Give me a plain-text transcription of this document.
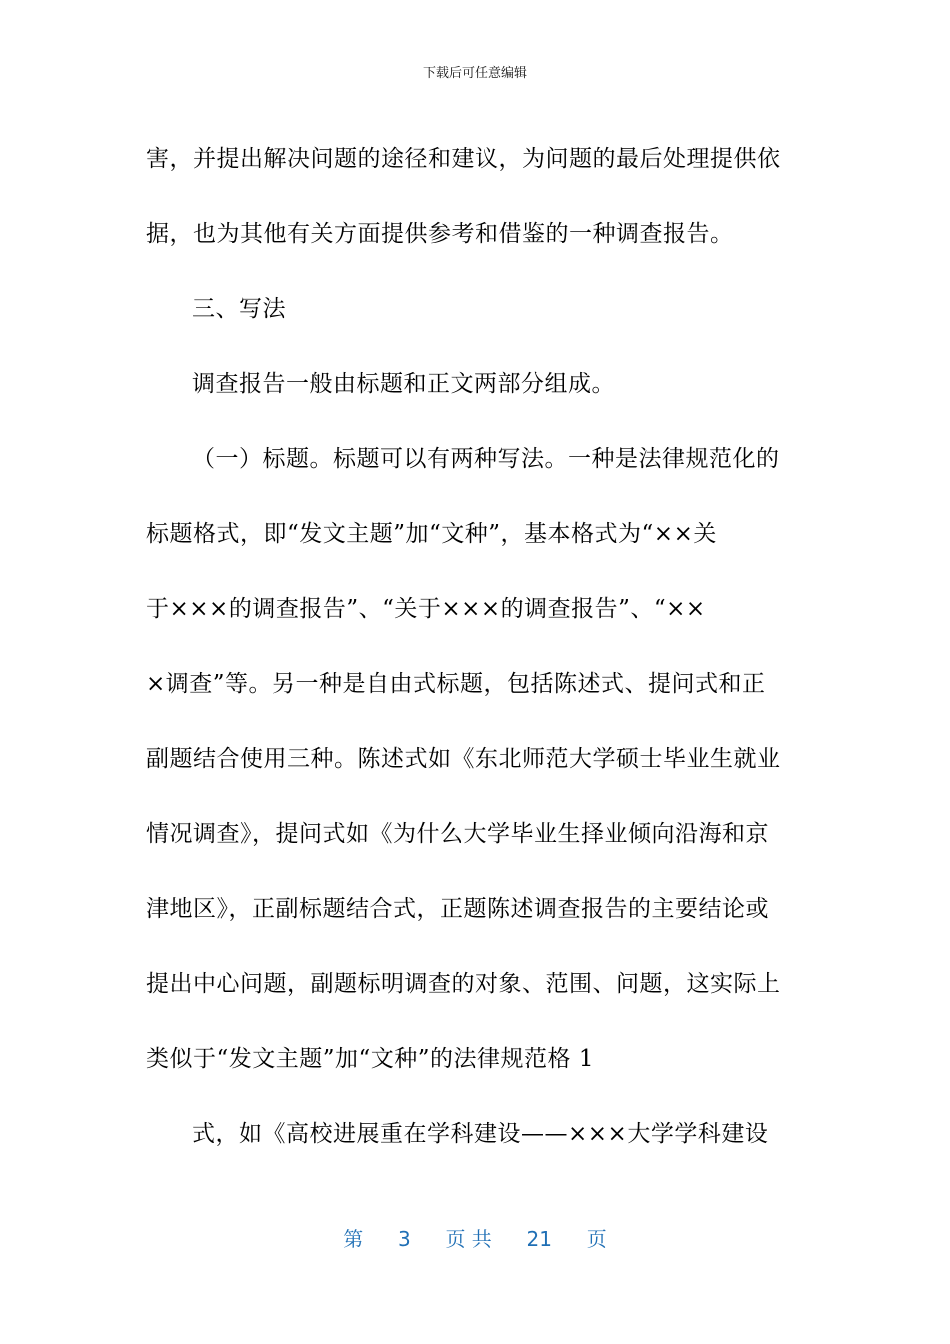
下载后可任意编辑

害，并提出解决问题的途径和建议，为问题的最后处理提供依

据，也为其他有关方面提供参考和借鉴的一种调查报告。

三、写法

调查报告一般由标题和正文两部分组成。

（一）标题。标题可以有两种写法。一种是法律规范化的

标题格式，即“发文主题”加“文种”，基本格式为“××关

于×××的调查报告”、“关于×××的调查报告”、“××

×调查”等。另一种是自由式标题，包括陈述式、提问式和正

副题结合使用三种。陈述式如《东北师范大学硕士毕业生就业

情况调查》，提问式如《为什么大学毕业生择业倾向沿海和京

津地区》，正副标题结合式，正题陈述调查报告的主要结论或

提出中心问题，副题标明调查的对象、范围、问题，这实际上

类似于“发文主题”加“文种”的法律规范格 1

式，如《高校进展重在学科建设——×××大学学科建设

第 3 页 共 21 页
